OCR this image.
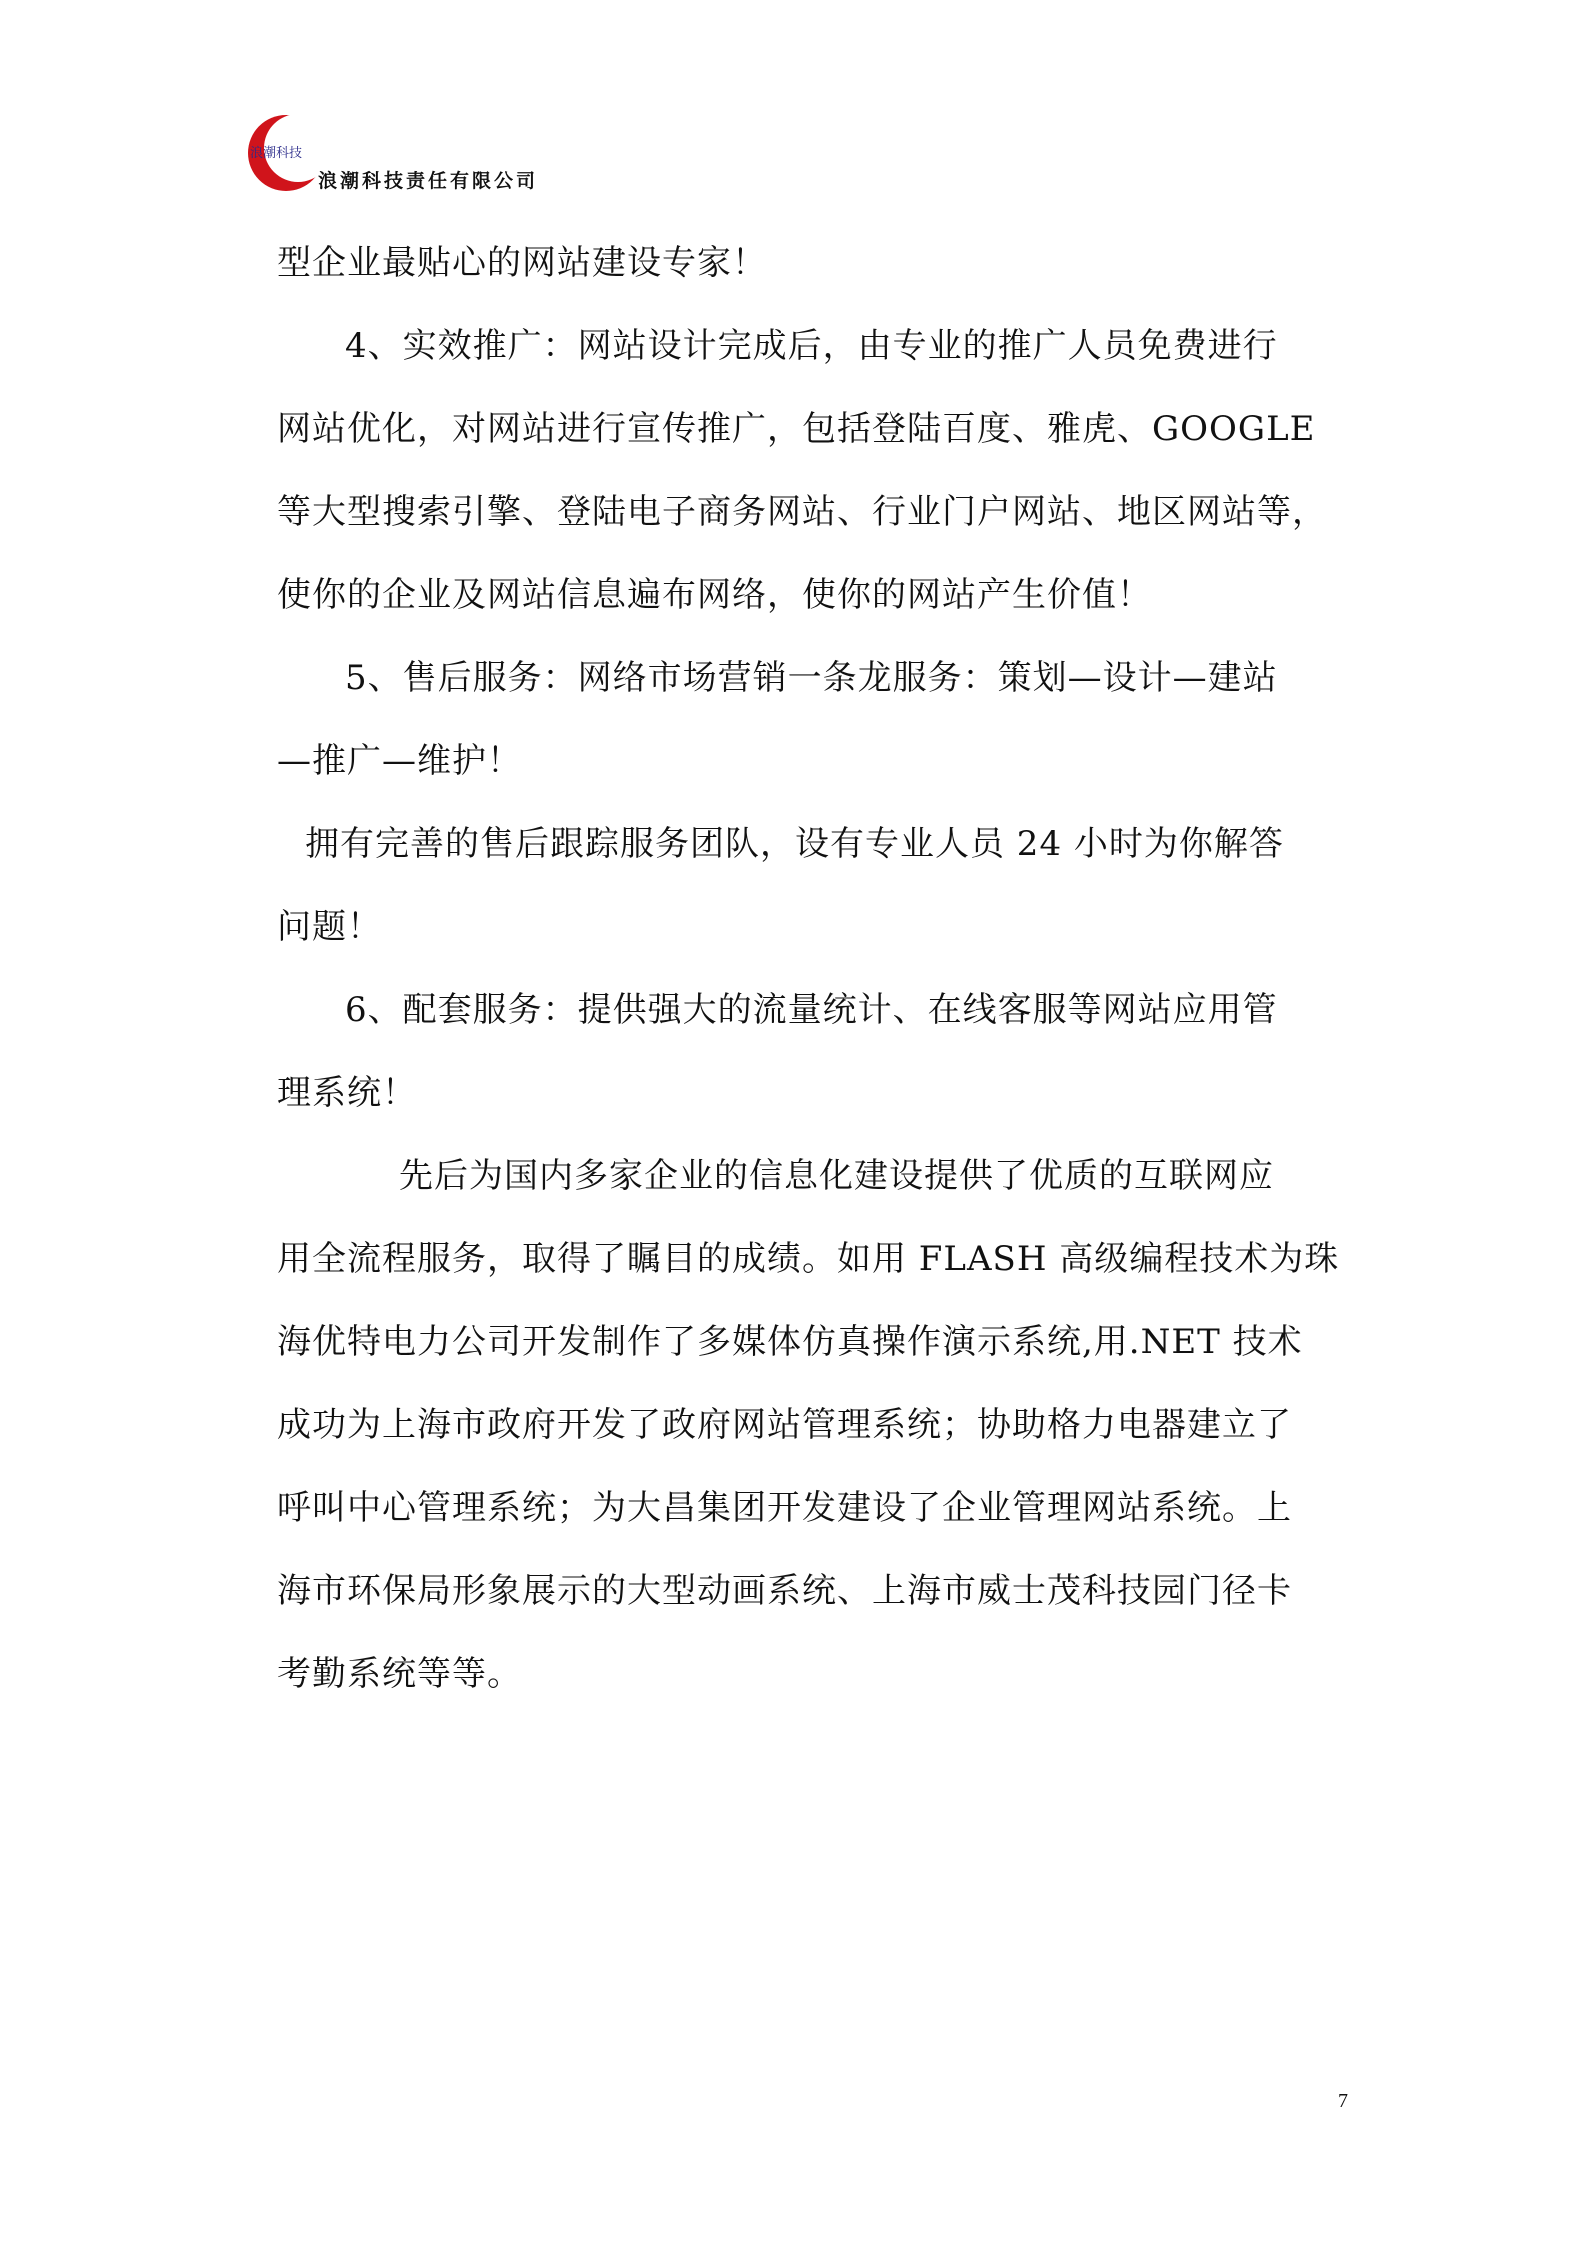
浪潮科技
浪潮科技责任有限公司
型企业最贴心的网站建设专家！
4、实效推广：网站设计完成后，由专业的推广人员免费进行
网站优化，对网站进行宣传推广，包括登陆百度、雅虎、GOOGLE
等大型搜索引擎、登陆电子商务网站、行业门户网站、地区网站等，
使你的企业及网站信息遍布网络，使你的网站产生价值！
5、售后服务：网络市场营销一条龙服务：策划—设计—建站
—推广—维护！
拥有完善的售后跟踪服务团队，设有专业人员 24 小时为你解答
问题！
6、配套服务：提供强大的流量统计、在线客服等网站应用管
理系统！
先后为国内多家企业的信息化建设提供了优质的互联网应
用全流程服务，取得了瞩目的成绩。如用 FLASH 高级编程技术为珠
海优特电力公司开发制作了多媒体仿真操作演示系统,用.NET 技术
成功为上海市政府开发了政府网站管理系统；协助格力电器建立了
呼叫中心管理系统；为大昌集团开发建设了企业管理网站系统。上
海市环保局形象展示的大型动画系统、上海市威士茂科技园门径卡
考勤系统等等。
7
